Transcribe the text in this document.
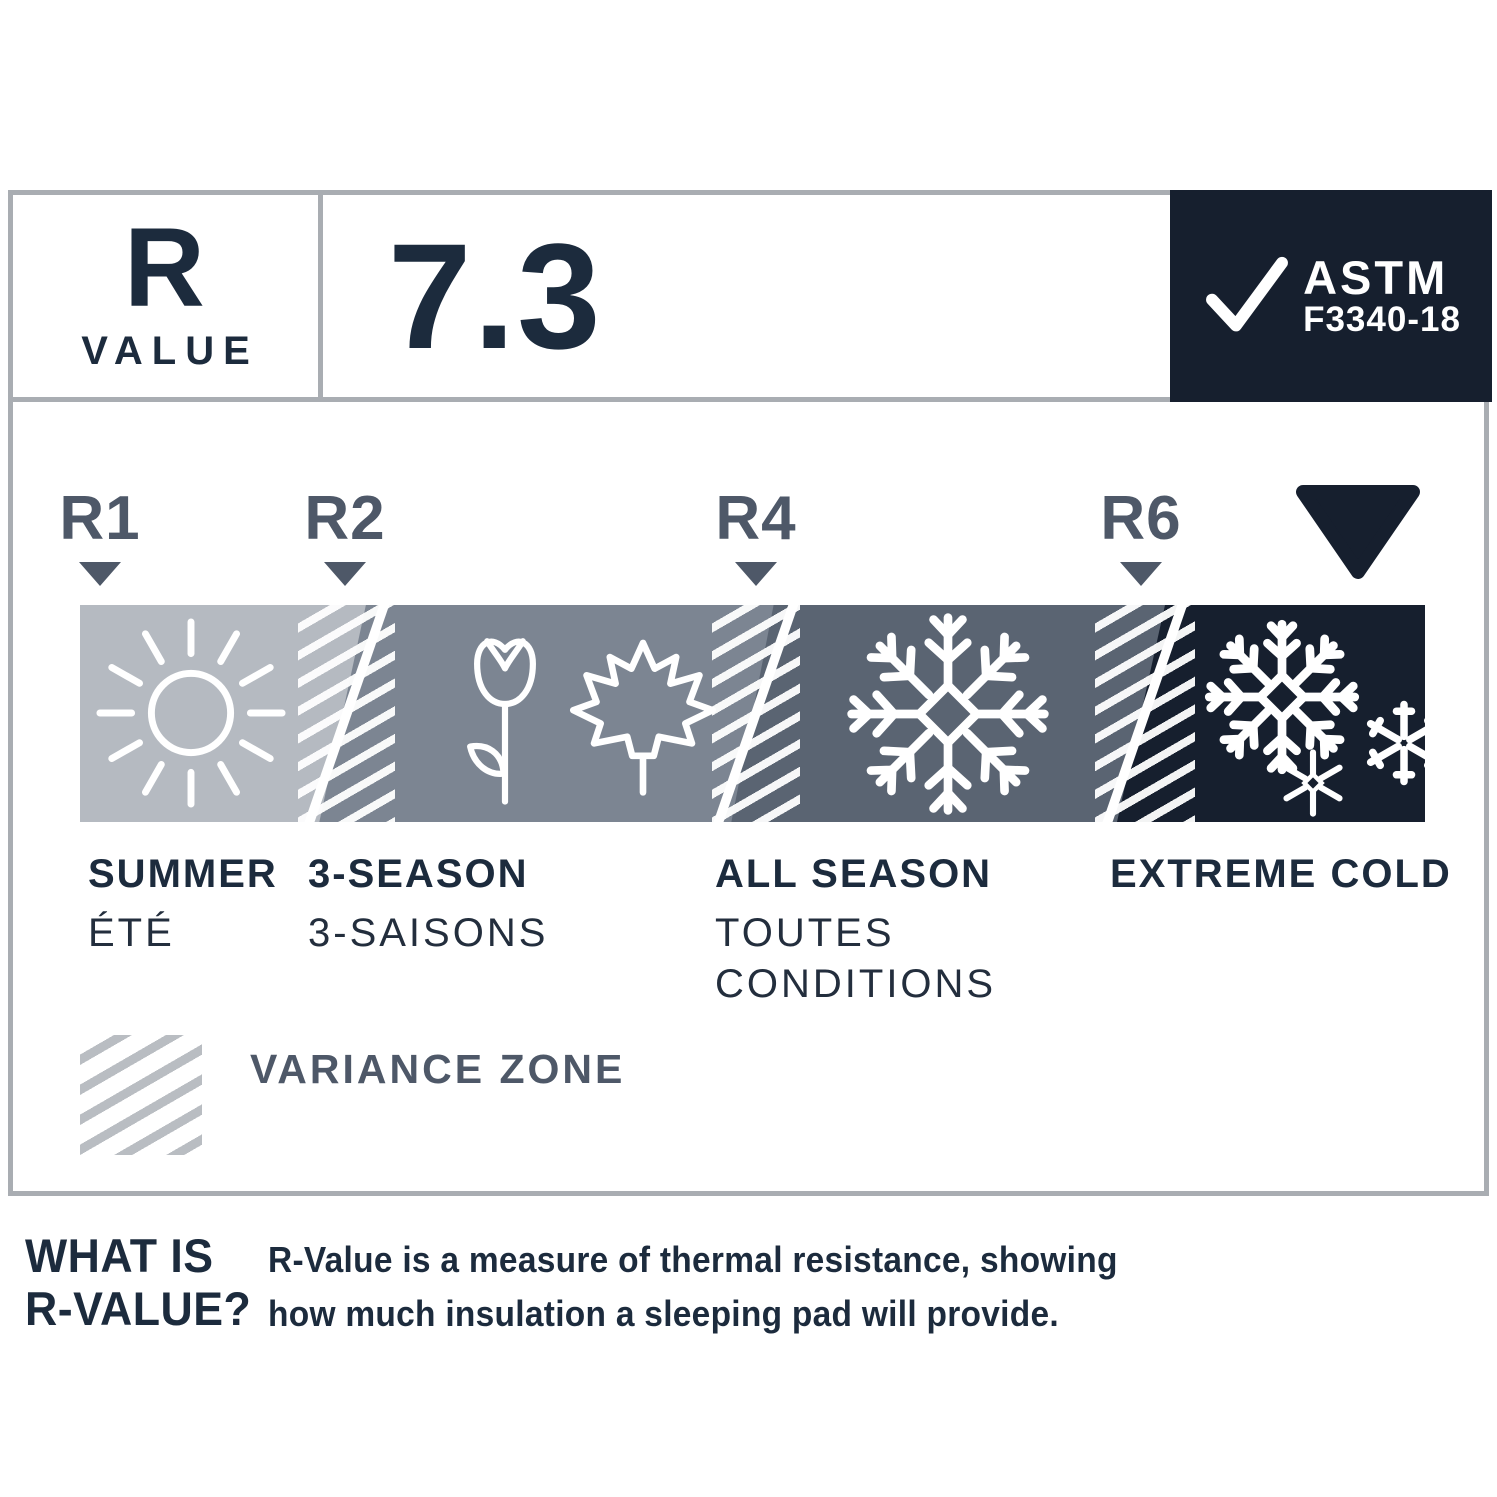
R
VALUE 7.3	ASTM
F3340-18
R1	R2	R4	R6
SUMMER
ÉTÉ
3-SEASON
3-SAISONS
ALL SEASON
TOUTES
CONDITIONS
EXTREME COLD
VARIANCE ZONE
WHAT IS
R-VALUE?
R-Value is a measure of thermal resistance, showing
how much insulation a sleeping pad will provide.
